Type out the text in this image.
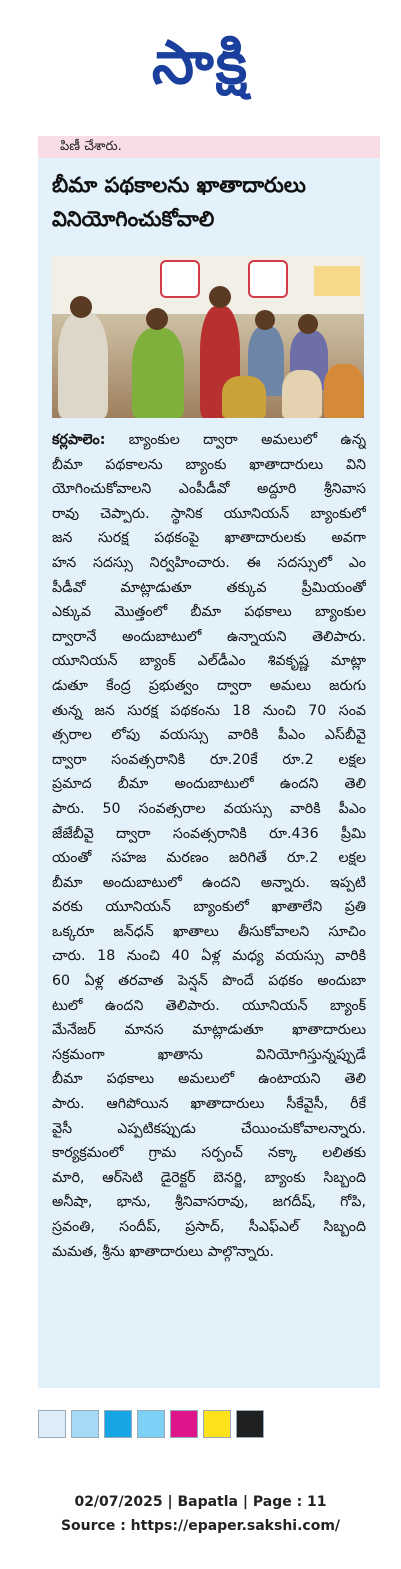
సాక్షి
పిణీ చేశారు.
బీమా పథకాలను ఖాతాదారులు
వినియోగించుకోవాలి
కర్లపాలెం: బ్యాంకుల ద్వారా అమలులో ఉన్న
బీమా పథకాలను బ్యాంకు ఖాతాదారులు విని
యోగించుకోవాలని ఎంపీడీవో అద్దూరి శ్రీనివాస
రావు చెప్పారు. స్థానిక యూనియన్‌ బ్యాంకులో
జన సురక్ష పథకంపై ఖాతాదారులకు అవగా
హన సదస్సు నిర్వహించారు. ఈ సదస్సులో ఎం
పీడీవో మాట్లాడుతూ తక్కువ ప్రీమియంతో
ఎక్కువ మొత్తంలో బీమా పథకాలు బ్యాంకుల
ద్వారానే అందుబాటులో ఉన్నాయని తెలిపారు.
యూనియన్‌ బ్యాంక్‌ ఎల్‌డీఎం శివకృష్ణ మాట్లా
డుతూ కేంద్ర ప్రభుత్వం ద్వారా అమలు జరుగు
తున్న జన సురక్ష పథకంను 18 నుంచి 70 సంవ
త్సరాల లోపు వయస్సు వారికి పీఎం ఎస్‌బీవై
ద్వారా సంవత్సరానికి రూ.20కే రూ.2 లక్షల
ప్రమాద బీమా అందుబాటులో ఉందని తెలి
పారు. 50 సంవత్సరాల వయస్సు వారికి పీఎం
జేజేబీవై ద్వారా సంవత్సరానికి రూ.436 ప్రీమి
యంతో సహజ మరణం జరిగితే రూ.2 లక్షల
బీమా అందుబాటులో ఉందని అన్నారు. ఇప్పటి
వరకు యూనియన్‌ బ్యాంకులో ఖాతాలేని ప్రతి
ఒక్కరూ జన్‌ధన్‌ ఖాతాలు తీసుకోవాలని సూచిం
చారు. 18 నుంచి 40 ఏళ్ల మధ్య వయస్సు వారికి
60 ఏళ్ల తరవాత పెన్షన్‌ పొందే పథకం అందుబా
టులో ఉందని తెలిపారు. యూనియన్‌ బ్యాంక్‌
మేనేజర్‌ మానస మాట్లాడుతూ ఖాతాదారులు
సక్రమంగా ఖాతాను వినియోగిస్తున్నప్పుడే
బీమా పథకాలు అమలులో ఉంటాయని తెలి
పారు. ఆగిపోయిన ఖాతాదారులు సీకేవైసీ, రీకే
వైసీ ఎప్పటికప్పుడు చేయించుకోవాలన్నారు.
కార్యక్రమంలో గ్రామ సర్పంచ్‌ నక్కా లలితకు
మారి, ఆర్‌సెటి డైరెక్టర్‌ బెనర్జి, బ్యాంకు సిబ్బంది
అనీషా, భాను, శ్రీనివాసరావు, జగదీష్‌, గోపి,
స్రవంతి, సందీప్‌, ప్రసాద్‌, సీఎఫ్‌ఎల్‌ సిబ్బంది
మమత, శ్రీను ఖాతాదారులు పాల్గొన్నారు.
02/07/2025 | Bapatla | Page : 11
Source : https://epaper.sakshi.com/
